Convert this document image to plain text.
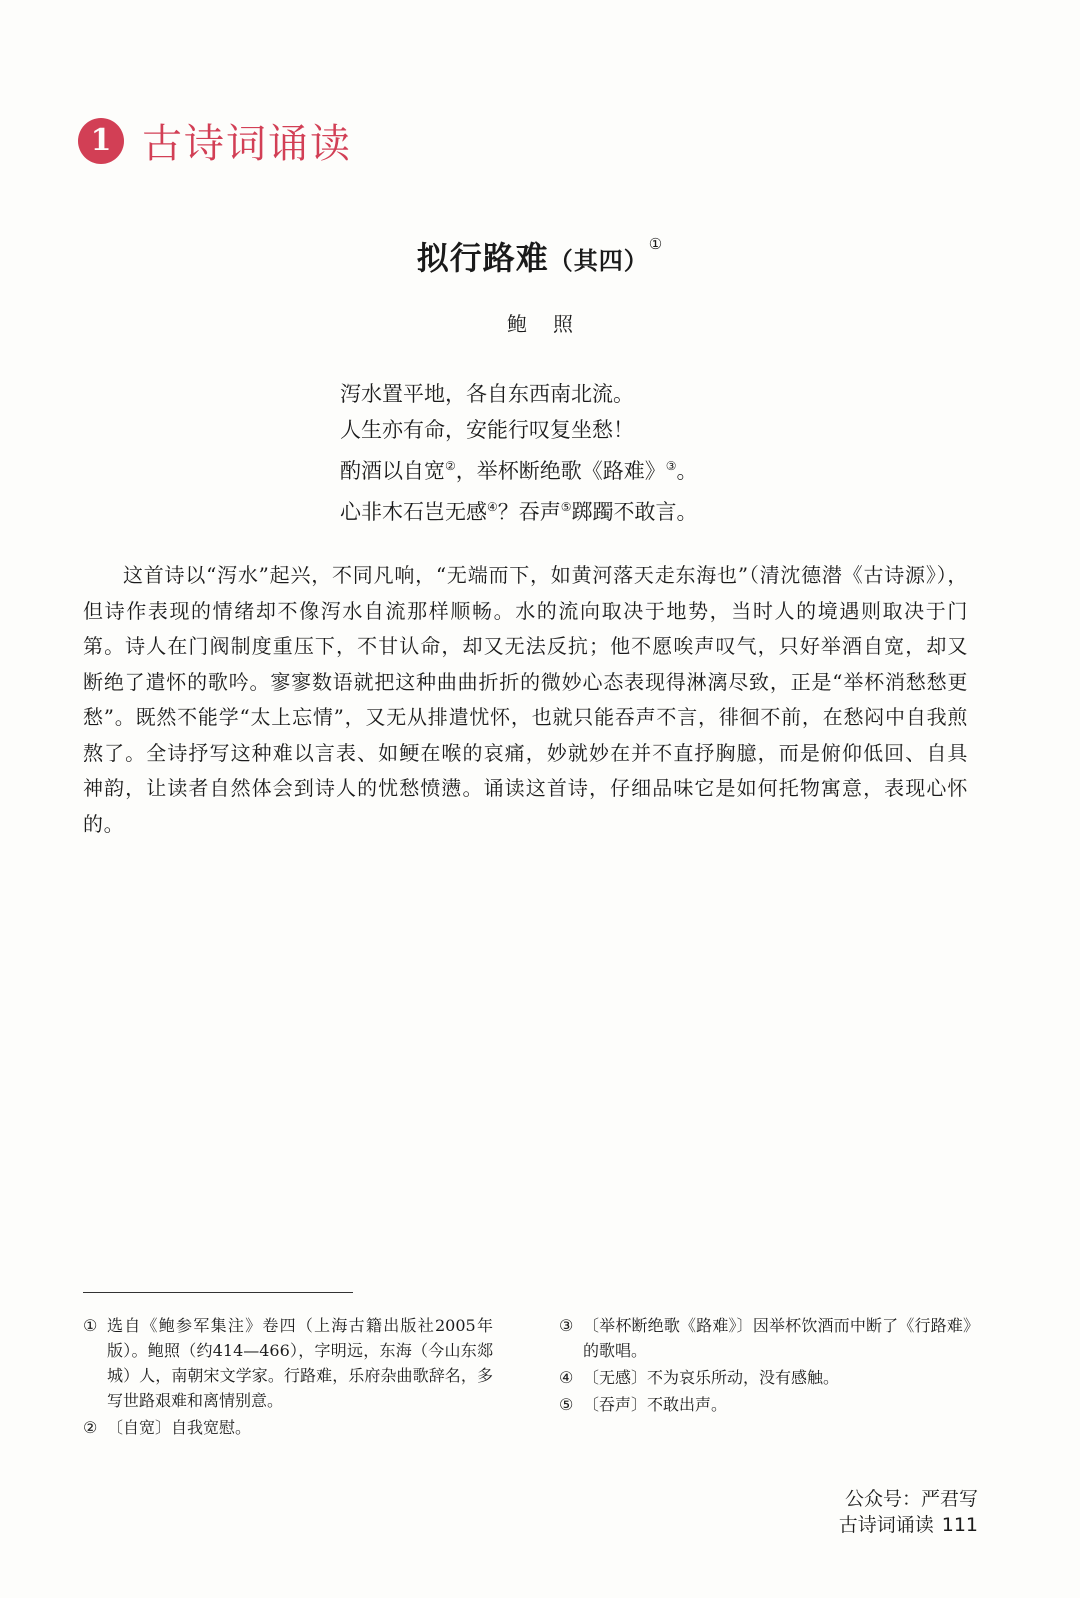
1 古诗词诵读
拟行路难（其四）①
鲍照
泻水置平地，各自东西南北流。
人生亦有命，安能行叹复坐愁！
酌酒以自宽②，举杯断绝歌《路难》③。
心非木石岂无感④？吞声⑤踯躅不敢言。
这首诗以“泻水”起兴，不同凡响，“无端而下，如黄河落天走东海也”（清沈德潜《古诗源》），但诗作表现的情绪却不像泻水自流那样顺畅。水的流向取决于地势，当时人的境遇则取决于门第。诗人在门阀制度重压下，不甘认命，却又无法反抗；他不愿唉声叹气，只好举酒自宽，却又断绝了遣怀的歌吟。寥寥数语就把这种曲曲折折的微妙心态表现得淋漓尽致，正是“举杯消愁愁更愁”。既然不能学“太上忘情”，又无从排遣忧怀，也就只能吞声不言，徘徊不前，在愁闷中自我煎熬了。全诗抒写这种难以言表、如鲠在喉的哀痛，妙就妙在并不直抒胸臆，而是俯仰低回、自具神韵，让读者自然体会到诗人的忧愁愤懑。诵读这首诗，仔细品味它是如何托物寓意，表现心怀的。
① 选自《鲍参军集注》卷四（上海古籍出版社2005年版）。鲍照（约414—466），字明远，东海（今山东郯城）人，南朝宋文学家。行路难，乐府杂曲歌辞名，多写世路艰难和离情别意。
② 〔自宽〕自我宽慰。
③ 〔举杯断绝歌《路难》〕因举杯饮酒而中断了《行路难》的歌唱。
④ 〔无感〕不为哀乐所动，没有感触。
⑤ 〔吞声〕不敢出声。
公众号：严君写
古诗词诵读 111
